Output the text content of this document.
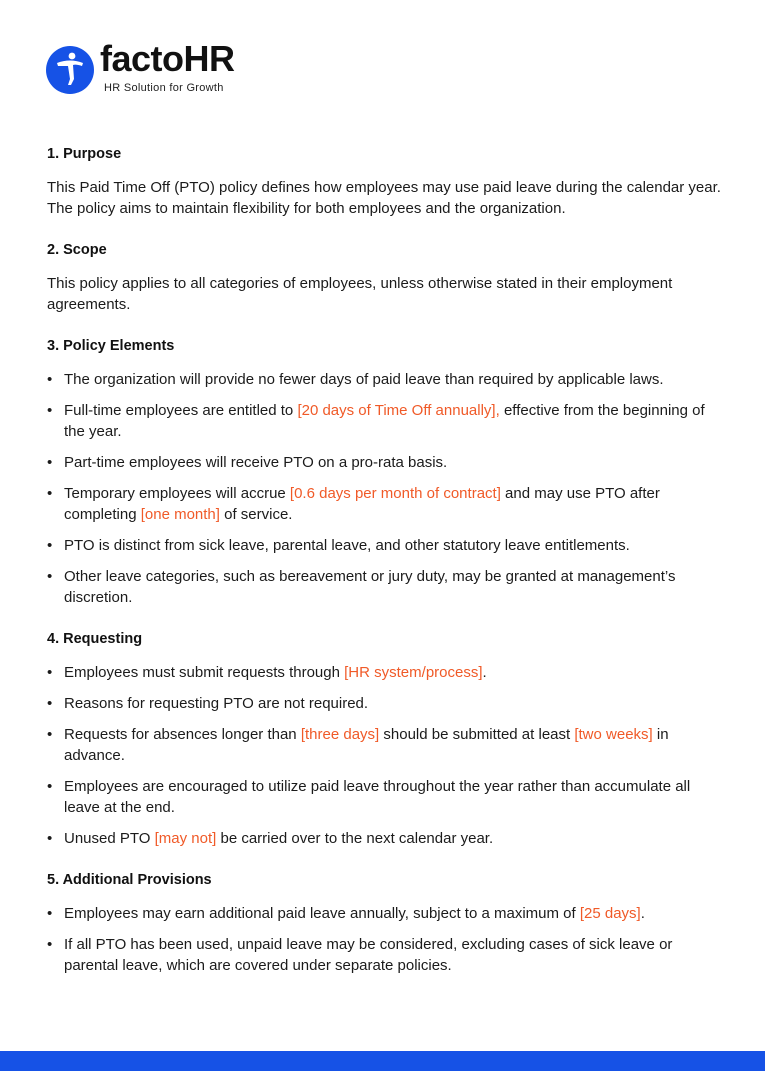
factoHR
HR Solution for Growth
1. Purpose

This Paid Time Off (PTO) policy defines how employees may use paid leave during the calendar year. The policy aims to maintain flexibility for both employees and the organization.

2. Scope

This policy applies to all categories of employees, unless otherwise stated in their employment agreements.

3. Policy Elements
• The organization will provide no fewer days of paid leave than required by applicable laws.
• Full-time employees are entitled to [20 days of Time Off annually], effective from the beginning of the year.
• Part-time employees will receive PTO on a pro-rata basis.
• Temporary employees will accrue [0.6 days per month of contract] and may use PTO after completing [one month] of service.
• PTO is distinct from sick leave, parental leave, and other statutory leave entitlements.
• Other leave categories, such as bereavement or jury duty, may be granted at management’s discretion.
4. Requesting
• Employees must submit requests through [HR system/process].
• Reasons for requesting PTO are not required.
• Requests for absences longer than [three days] should be submitted at least [two weeks] in advance.
• Employees are encouraged to utilize paid leave throughout the year rather than accumulate all leave at the end.
• Unused PTO [may not] be carried over to the next calendar year.
5. Additional Provisions
• Employees may earn additional paid leave annually, subject to a maximum of [25 days].
• If all PTO has been used, unpaid leave may be considered, excluding cases of sick leave or parental leave, which are covered under separate policies.
